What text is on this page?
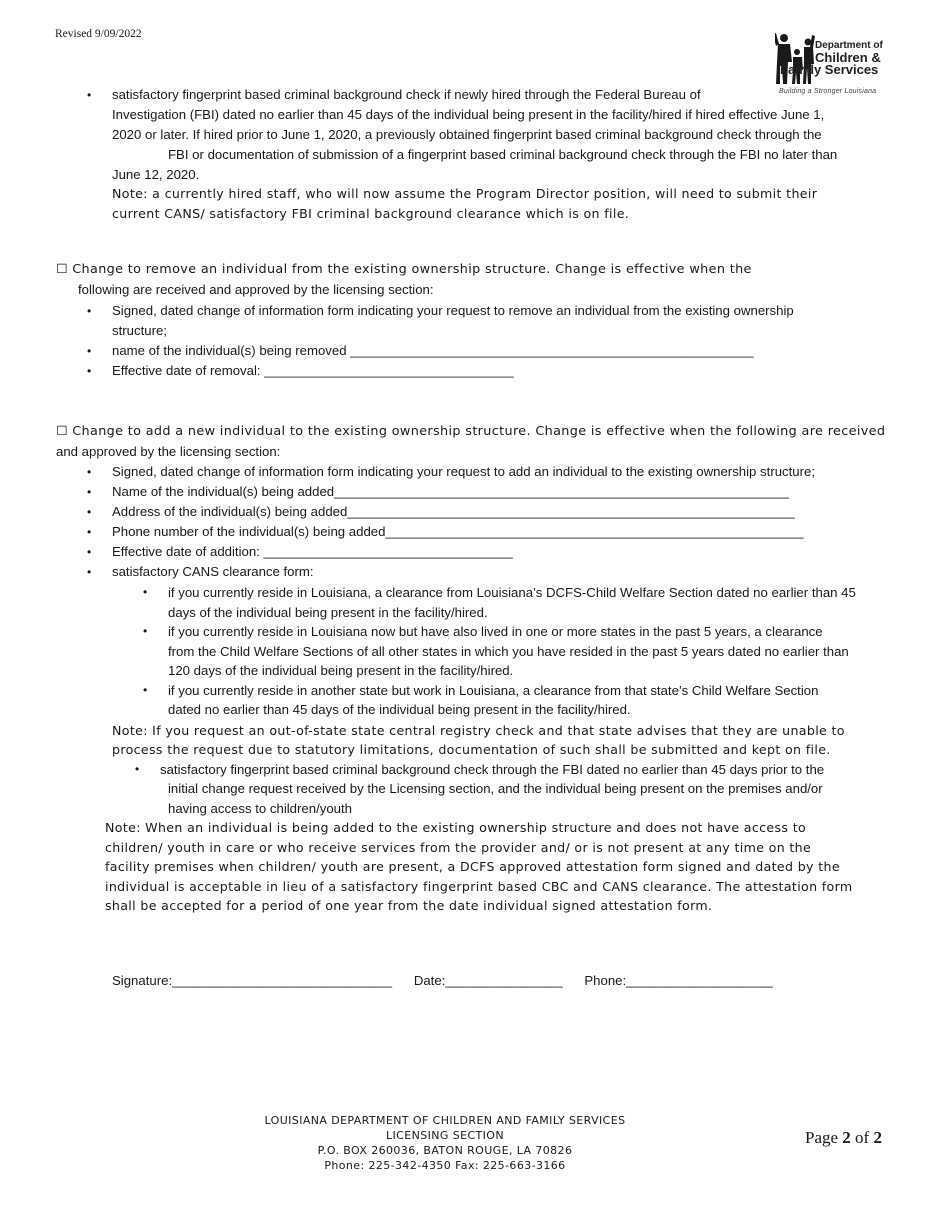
Revised 9/09/2022
Department of
Children &
Family Services
Building a Stronger Louisiana
• satisfactory fingerprint based criminal background check if newly hired through the Federal Bureau of
Investigation (FBI) dated no earlier than 45 days of the individual being present in the facility/hired if hired effective June 1,
2020 or later. If hired prior to June 1, 2020, a previously obtained fingerprint based criminal background check through the
FBI or documentation of submission of a fingerprint based criminal background check through the FBI no later than
June 12, 2020.
Note: a currently hired staff, who will now assume the Program Director position, will need to submit their
current CANS/ satisfactory FBI criminal background clearance which is on file.
☐ Change to remove an individual from the existing ownership structure. Change is effective when the
following are received and approved by the licensing section:
• Signed, dated change of information form indicating your request to remove an individual from the existing ownership
structure;
• name of the individual(s) being removed _______________________________________________________
• Effective date of removal: __________________________________
☐ Change to add a new individual to the existing ownership structure. Change is effective when the following are received
and approved by the licensing section:
• Signed, dated change of information form indicating your request to add an individual to the existing ownership structure;
• Name of the individual(s) being added______________________________________________________________
• Address of the individual(s) being added_____________________________________________________________
• Phone number of the individual(s) being added_________________________________________________________
• Effective date of addition: __________________________________
• satisfactory CANS clearance form:
• if you currently reside in Louisiana, a clearance from Louisiana’s DCFS-Child Welfare Section dated no earlier than 45
days of the individual being present in the facility/hired.
• if you currently reside in Louisiana now but have also lived in one or more states in the past 5 years, a clearance
from the Child Welfare Sections of all other states in which you have resided in the past 5 years dated no earlier than
120 days of the individual being present in the facility/hired.
• if you currently reside in another state but work in Louisiana, a clearance from that state’s Child Welfare Section
dated no earlier than 45 days of the individual being present in the facility/hired.
Note: If you request an out-of-state state central registry check and that state advises that they are unable to
process the request due to statutory limitations, documentation of such shall be submitted and kept on file.
• satisfactory fingerprint based criminal background check through the FBI dated no earlier than 45 days prior to the
initial change request received by the Licensing section, and the individual being present on the premises and/or
having access to children/youth
Note: When an individual is being added to the existing ownership structure and does not have access to
children/ youth in care or who receive services from the provider and/ or is not present at any time on the
facility premises when children/ youth are present, a DCFS approved attestation form signed and dated by the
individual is acceptable in lieu of a satisfactory fingerprint based CBC and CANS clearance. The attestation form
shall be accepted for a period of one year from the date individual signed attestation form.
Signature:______________________________ Date:________________ Phone:____________________
LOUISIANA DEPARTMENT OF CHILDREN AND FAMILY SERVICES
LICENSING SECTION
P.O. BOX 260036, BATON ROUGE, LA 70826
Phone: 225-342-4350 Fax: 225-663-3166
Page 2 of 2
